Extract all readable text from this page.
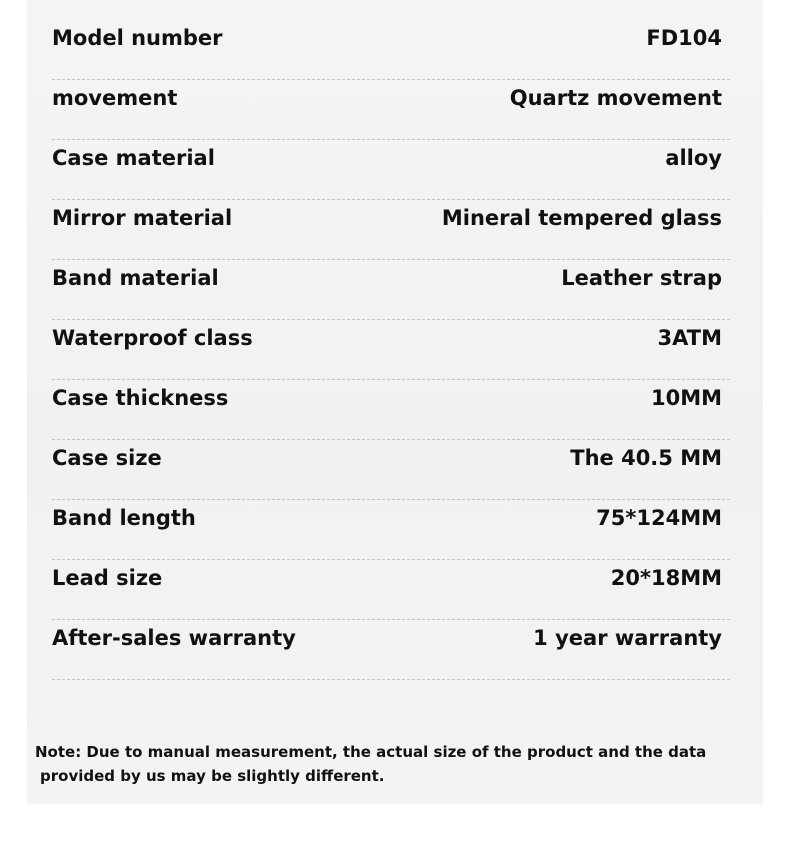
Model number	FD104
movement	Quartz movement
Case material	alloy
Mirror material	Mineral tempered glass
Band material	Leather strap
Waterproof class	3ATM
Case thickness	10MM
Case size	The 40.5 MM
Band length	75*124MM
Lead size	20*18MM
After-sales warranty	1 year warranty
Note: Due to manual measurement, the actual size of the product and the data
provided by us may be slightly different.
